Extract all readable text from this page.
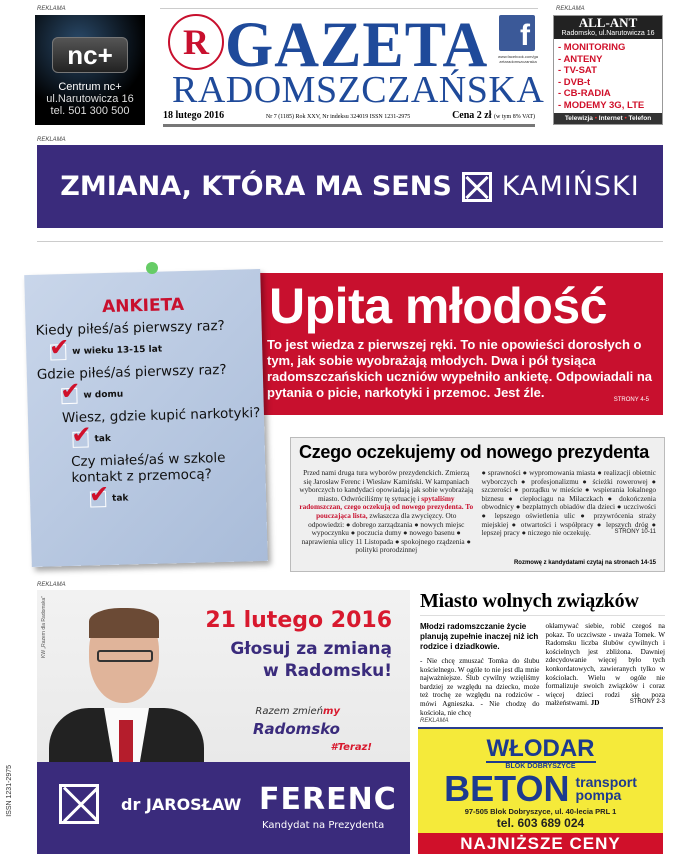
REKLAMA
nc+
Centrum nc+
ul.Narutowicza 16
tel. 501 300 500
R GAZETA
RADOMSZCZAŃSKA
f
www.facebook.com/gazetaradomszczanska
18 lutego 2016	Nr 7 (1185) Rok XXV, Nr indeksu 324019 ISSN 1231-2975	Cena 2 zł (w tym 8% VAT)
REKLAMA
ALL-ANT
Radomsko, ul.Narutowicza 16
- MONITORING
- ANTENY
- TV-SAT
- DVB-t
- CB-RADIA
- MODEMY 3G, LTE
Telewizja • Internet • Telefon
REKLAMA
ZMIANA, KTÓRA MA SENS KAMIŃSKI
Upita młodość

To jest wiedza z pierwszej ręki. To nie opowieści dorosłych o tym, jak sobie wyobrażają młodych. Dwa i pół tysiąca radomszczańskich uczniów wypełniło ankietę. Odpowiadali na pytania o picie, narkotyki i przemoc. Jest źle.	STRONY 4-5
ANKIETA
Kiedy piłeś/aś pierwszy raz?
✔
w wieku 13-15 lat
Gdzie piłeś/aś pierwszy raz?
✔
w domu
Wiesz, gdzie kupić narkotyki?
✔
tak
Czy miałeś/aś w szkole kontakt z przemocą?
✔
tak
Czego oczekujemy od nowego prezydenta
Przed nami druga tura wyborów prezydenckich. Zmierzą się Jarosław Ferenc i Wiesław Kamiński. W kampaniach wyborczych to kandydaci opowiadają jak sobie wyobrażają miasto. Odwróciliśmy tę sytuację i spytaliśmy radomszczan, czego oczekują od nowego prezydenta. To pouczająca lista, zwłaszcza dla zwycięzcy. Oto odpowiedzi: ● dobrego zarządzania ● nowych miejsc wypoczynku ● poczucia dumy ● nowego basenu ● naprawienia ulicy 11 Listopada ● spokojnego rządzenia ● polityki prorodzinnej
● sprawności ● wypromowania miasta ● realizacji obietnic wyborczych ● profesjonalizmu ● ścieżki rowerowej ● szczerości ● porządku w mieście ● wspierania lokalnego biznesu ● ciepłociągu na Miłaczkach ● dokończenia obwodnicy ● bezpłatnych obiadów dla dzieci ● uczciwości ● lepszego oświetlenia ulic ● przywrócenia straży miejskiej ● otwartości i współpracy ● lepszych dróg ● lepszej pracy ● niczego nie oczekuję.	STRONY 10-11
Rozmowę z kandydatami czytaj na stronach 14-15
REKLAMA
KW „Razem dla Radomska”	21 lutego 2016
Głosuj za zmianą
w Radomsku!
Razem zmieńmy
Radomsko
#Teraz!
dr JAROSŁAW FERENC
Kandydat na Prezydenta
Miasto wolnych związków
Młodzi radomszczanie życie planują zupełnie inaczej niż ich rodzice i dziadkowie.
- Nie chcę zmuszać Tomka do ślubu kościelnego. W ogóle to nie jest dla mnie najważniejsze. Ślub cywilny wzięliśmy bardziej ze względu na dziecko, może też trochę ze względu na rodziców - mówi Agnieszka. - Nie chodzę do kościoła, nie chcę
okłamywać siebie, robić czegoś na pokaz. To uczciwsze - uważa Tomek. W Radomsku liczba ślubów cywilnych i kościelnych jest zbliżona. Dawniej zdecydowanie więcej było tych konkordatowych, zawieranych tylko w kościołach. Wielu w ogóle nie formalizuje swoich związków i coraz więcej dzieci rodzi się poza małżeństwami. JD	STRONY 2-3
REKLAMA
WŁODAR
BLOK DOBRYSZYCE
BETON transport
pompa
97-505 Blok Dobryszyce, ul. 40-lecia PRL 1
tel. 603 689 024
NAJNIŻSZE CENY
ISSN 1231-2975
